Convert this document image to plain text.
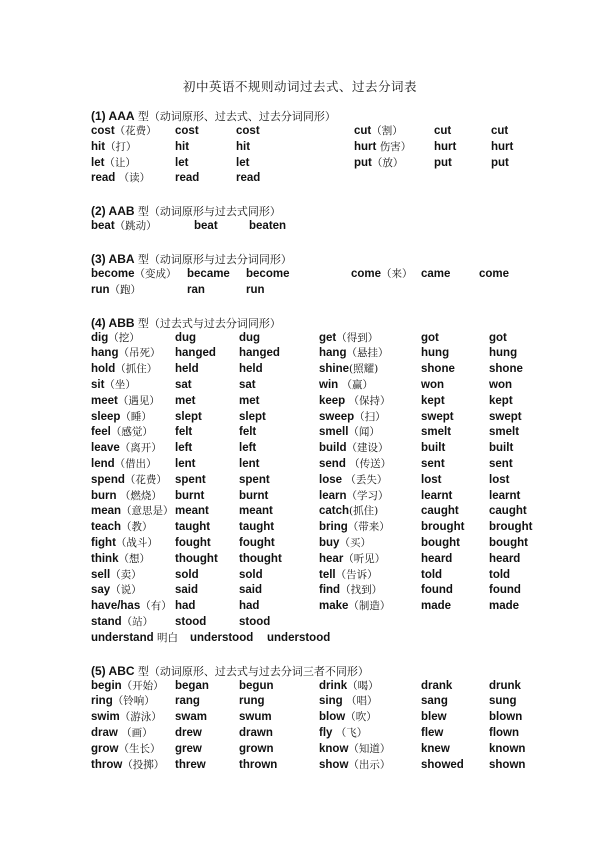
初中英语不规则动词过去式、过去分词表
(1) AAA 型（动词原形、过去式、过去分词同形）
cost（花费） cost	cost	cut（割）	cut	cut
hit（打）	hit	hit	hurt 伤害） hurt	hurt
let（让）	let	let	put（放）	put	put
read （读） read	read
(2) AAB 型（动词原形与过去式同形）
beat（跳动）	beat	beaten
(3) ABA 型（动词原形与过去分词同形）
become（变成） became become	come（来） came come
run（跑）	ran	run
(4) ABB 型（过去式与过去分词同形）
dig（挖）	dug	dug	get（得到）	got	got
hang（吊死） hanged hanged	hang（悬挂）	hung	hung
hold（抓住） held	held	shine(照耀)	shone	shone
sit（坐）	sat	sat	win （赢）	won	won
meet（遇见） met	met	keep （保持）	kept	kept
sleep（睡） slept	slept	sweep（扫）	swept	swept
feel（感觉） felt	felt	smell（闻）	smelt	smelt
leave（离开） left	left	build（建设）	built	built
lend（借出） lent	lent	send （传送）	sent	sent
spend（花费） spent	spent	lose （丢失）	lost	lost
burn （燃烧） burnt	burnt	learn（学习）	learnt	learnt
mean（意思是） meant	meant	catch(抓住)	caught	caught
teach（教） taught	taught	bring（带来）	brought brought
fight（战斗） fought fought	buy（买）	bought	bought
think（想） thought thought	hear（听见）	heard	heard
sell（卖）	sold	sold	tell（告诉）	told	told
say（说）	said	said	find（找到）	found	found
have/has（有） had	had	make（制造）	made	made
stand（站） stood	stood
understand 明白 understood understood
(5) ABC 型（动词原形、过去式与过去分词三者不同形）
begin（开始） began	begun	drink（喝）	drank	drunk
ring（铃响） rang	rung	sing （唱）	sang	sung
swim（游泳） swam	swum	blow（吹）	blew	blown
draw （画） drew	drawn	fly （飞）	flew	flown
grow（生长） grew	grown	know（知道）	knew	known
throw（投掷） threw	thrown	show（出示）	showed shown
